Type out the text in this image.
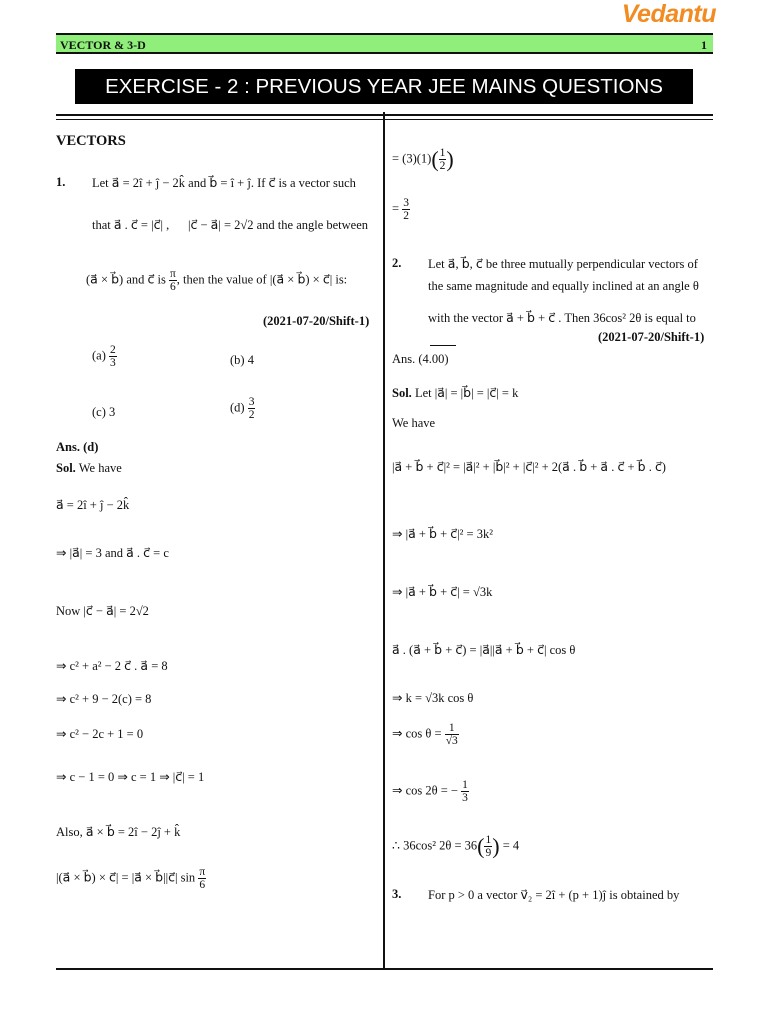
Vedantu
VECTOR & 3-D	1
EXERCISE - 2 : PREVIOUS YEAR JEE MAINS QUESTIONS
VECTORS
1. Let a⃗ = 2î + ĵ − 2k̂ and b⃗ = î + ĵ. If c⃗ is a vector such
that a⃗ . c⃗ = |c⃗| , |c⃗ − a⃗| = 2√2 and the angle between
(a⃗ × b⃗) and c⃗ is $\frac{\pi}{6}$ , then the value of |(a⃗ × b⃗) × c⃗| is:
(2021-07-20/Shift-1)
$(a) \frac{2}{3}$	(b) 4
(c) 3	$(d) \frac{3}{2}$
Ans. (d)
Sol. We have
a⃗ = 2î + ĵ − 2k̂
⇒ |a⃗| = 3 and a⃗ . c⃗ = c
Now |c⃗ − a⃗| = 2√2
⇒ c² + a² − 2 c⃗ . a⃗ = 8
⇒ c² + 9 − 2(c) = 8
⇒ c² − 2c + 1 = 0
⇒ c − 1 = 0 ⇒ c = 1 ⇒ |c⃗| = 1
Also, a⃗ × b⃗ = 2î − 2ĵ + k̂
|(a⃗ × b⃗) × c⃗| = |a⃗ × b⃗||c⃗| $\sin \frac{\pi}{6}$
= $(3)(1)( \frac{1}{2}$ )
= $\frac{3}{2}$
2. Let a⃗, b⃗, c⃗ be three mutually perpendicular vectors of
the same magnitude and equally inclined at an angle θ
with the vector a⃗ + b⃗ + c⃗ . Then 36cos² 2θ is equal to
(2021-07-20/Shift-1)
Ans. (4.00)
Sol. Let |a⃗| = |b⃗| = |c⃗| = k
We have
|a⃗ + b⃗ + c⃗|² = |a⃗|² + |b⃗|² + |c⃗|² + 2(a⃗ . b⃗ + a⃗ . c⃗ + b⃗ . c⃗)
⇒ |a⃗ + b⃗ + c⃗|² = 3k²
⇒ |a⃗ + b⃗ + c⃗| = √3k
a⃗ . (a⃗ + b⃗ + c⃗) = |a⃗||a⃗ + b⃗ + c⃗| cos θ
⇒ k = √3k cos θ
⇒ $\cos \theta = \frac{1}{√3}$
⇒ cos 2θ = − $\frac{1}{3}$
∴ 36cos² $2\theta = 36( \frac{1}{9}$ ) = 4
3. For p > 0 a vector v⃗₂ = 2î + (p + 1)ĵ is obtained by
